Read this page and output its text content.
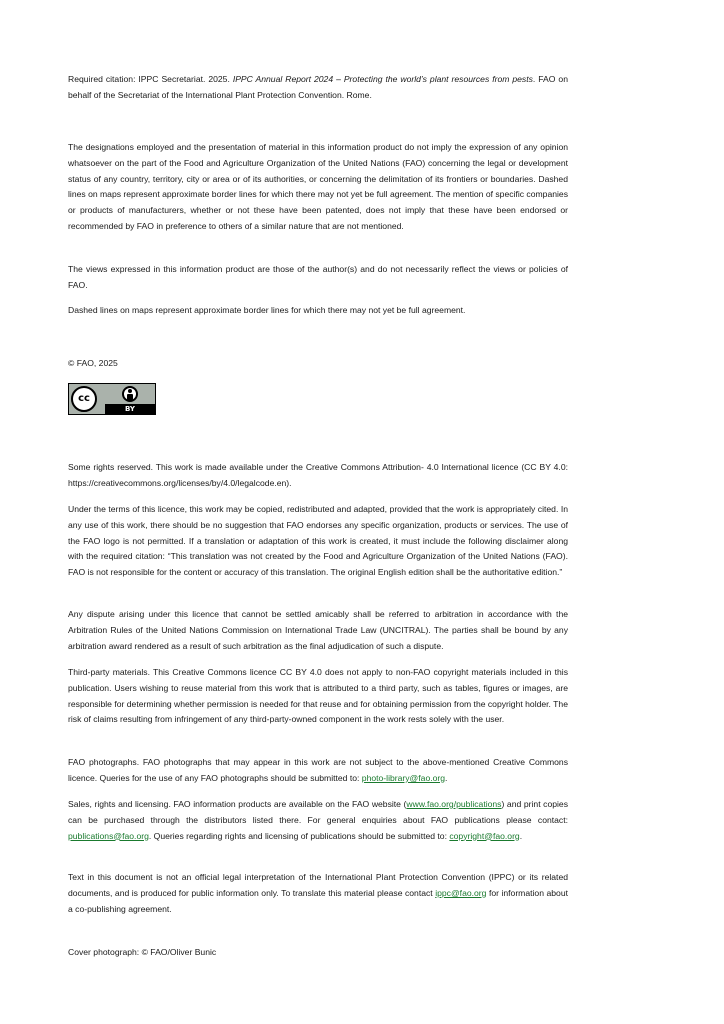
Required citation: IPPC Secretariat. 2025. IPPC Annual Report 2024 – Protecting the world’s plant resources from pests. FAO on behalf of the Secretariat of the International Plant Protection Convention. Rome.

The designations employed and the presentation of material in this information product do not imply the expression of any opinion whatsoever on the part of the Food and Agriculture Organization of the United Nations (FAO) concerning the legal or development status of any country, territory, city or area or of its authorities, or concerning the delimitation of its frontiers or boundaries. Dashed lines on maps represent approximate border lines for which there may not yet be full agreement. The mention of specific companies or products of manufacturers, whether or not these have been patented, does not imply that these have been endorsed or recommended by FAO in preference to others of a similar nature that are not mentioned.

The views expressed in this information product are those of the author(s) and do not necessarily reflect the views or policies of FAO.

Dashed lines on maps represent approximate border lines for which there may not yet be full agreement.

© FAO, 2025

cc
BY

Some rights reserved. This work is made available under the Creative Commons Attribution- 4.0 International licence (CC BY 4.0: https://creativecommons.org/licenses/by/4.0/legalcode.en).

Under the terms of this licence, this work may be copied, redistributed and adapted, provided that the work is appropriately cited. In any use of this work, there should be no suggestion that FAO endorses any specific organization, products or services. The use of the FAO logo is not permitted. If a translation or adaptation of this work is created, it must include the following disclaimer along with the required citation: “This translation was not created by the Food and Agriculture Organization of the United Nations (FAO). FAO is not responsible for the content or accuracy of this translation. The original English edition shall be the authoritative edition.”

Any dispute arising under this licence that cannot be settled amicably shall be referred to arbitration in accordance with the Arbitration Rules of the United Nations Commission on International Trade Law (UNCITRAL). The parties shall be bound by any arbitration award rendered as a result of such arbitration as the final adjudication of such a dispute.

Third-party materials. This Creative Commons licence CC BY 4.0 does not apply to non-FAO copyright materials included in this publication. Users wishing to reuse material from this work that is attributed to a third party, such as tables, figures or images, are responsible for determining whether permission is needed for that reuse and for obtaining permission from the copyright holder. The risk of claims resulting from infringement of any third-party-owned component in the work rests solely with the user.

FAO photographs. FAO photographs that may appear in this work are not subject to the above-mentioned Creative Commons licence. Queries for the use of any FAO photographs should be submitted to: photo-library@fao.org.

Sales, rights and licensing. FAO information products are available on the FAO website (www.fao.org/publications) and print copies can be purchased through the distributors listed there. For general enquiries about FAO publications please contact: publications@fao.org. Queries regarding rights and licensing of publications should be submitted to: copyright@fao.org.

Text in this document is not an official legal interpretation of the International Plant Protection Convention (IPPC) or its related documents, and is produced for public information only. To translate this material please contact ippc@fao.org for information about a co-publishing agreement.

Cover photograph: © FAO/Oliver Bunic
